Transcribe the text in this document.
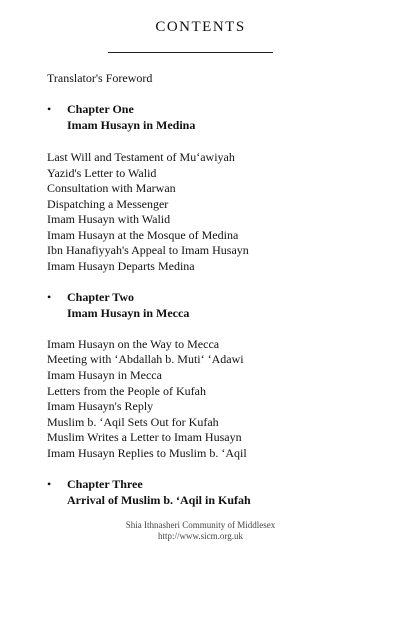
CONTENTS
Translator's Foreword
• Chapter One
Imam Husayn in Medina
Last Will and Testament of Mu‘awiyah
Yazid's Letter to Walid
Consultation with Marwan
Dispatching a Messenger
Imam Husayn with Walid
Imam Husayn at the Mosque of Medina
Ibn Hanafiyyah's Appeal to Imam Husayn
Imam Husayn Departs Medina
• Chapter Two
Imam Husayn in Mecca
Imam Husayn on the Way to Mecca
Meeting with ‘Abdallah b. Muti‘ ‘Adawi
Imam Husayn in Mecca
Letters from the People of Kufah
Imam Husayn's Reply
Muslim b. ‘Aqil Sets Out for Kufah
Muslim Writes a Letter to Imam Husayn
Imam Husayn Replies to Muslim b. ‘Aqil
• Chapter Three
Arrival of Muslim b. ‘Aqil in Kufah
Shia Ithnasheri Community of Middlesex
http://www.sicm.org.uk
